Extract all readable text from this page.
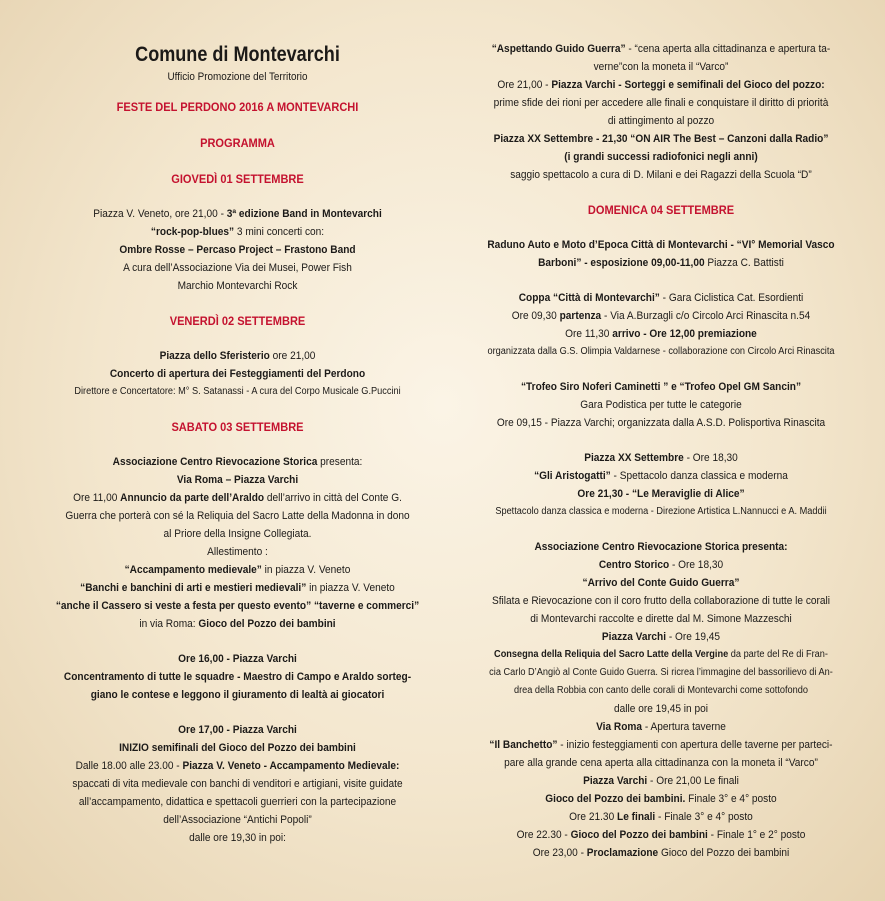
Comune di Montevarchi
Ufficio Promozione del Territorio
FESTE DEL PERDONO 2016 A MONTEVARCHI
PROGRAMMA
GIOVEDÌ 01 SETTEMBRE
Piazza V. Veneto, ore 21,00 - 3ª edizione Band in Montevarchi
“rock-pop-blues” 3 mini concerti con:
Ombre Rosse – Percaso Project – Frastono Band
A cura dell’Associazione Via dei Musei, Power Fish
Marchio Montevarchi Rock
VENERDÌ 02 SETTEMBRE
Piazza dello Sferisterio ore 21,00
Concerto di apertura dei Festeggiamenti del Perdono
Direttore e Concertatore: M° S. Satanassi - A cura del Corpo Musicale G.Puccini
SABATO 03 SETTEMBRE
Associazione Centro Rievocazione Storica presenta:
Via Roma – Piazza Varchi
Ore 11,00 Annuncio da parte dell’Araldo dell’arrivo in città del Conte G.
Guerra che porterà con sé la Reliquia del Sacro Latte della Madonna in dono
al Priore della Insigne Collegiata.
Allestimento :
“Accampamento medievale” in piazza V. Veneto
“Banchi e banchini di arti e mestieri medievali” in piazza V. Veneto
“anche il Cassero si veste a festa per questo evento” “taverne e commerci”
in via Roma: Gioco del Pozzo dei bambini
Ore 16,00 - Piazza Varchi
Concentramento di tutte le squadre - Maestro di Campo e Araldo sorteg-
giano le contese e leggono il giuramento di lealtà ai giocatori
Ore 17,00 - Piazza Varchi
INIZIO semifinali del Gioco del Pozzo dei bambini
Dalle 18.00 alle 23.00 - Piazza V. Veneto - Accampamento Medievale:
spaccati di vita medievale con banchi di venditori e artigiani, visite guidate
all’accampamento, didattica e spettacoli guerrieri con la partecipazione
dell’Associazione “Antichi Popoli”
dalle ore 19,30 in poi:
“Aspettando Guido Guerra” - “cena aperta alla cittadinanza e apertura ta-
verne”con la moneta il “Varco”
Ore 21,00 - Piazza Varchi - Sorteggi e semifinali del Gioco del pozzo:
prime sfide dei rioni per accedere alle finali e conquistare il diritto di priorità
di attingimento al pozzo
Piazza XX Settembre - 21,30 “ON AIR The Best – Canzoni dalla Radio”
(i grandi successi radiofonici negli anni)
saggio spettacolo a cura di D. Milani e dei Ragazzi della Scuola “D”
DOMENICA 04 SETTEMBRE
Raduno Auto e Moto d’Epoca Città di Montevarchi - “VI° Memorial Vasco
Barboni” - esposizione 09,00-11,00 Piazza C. Battisti
Coppa “Città di Montevarchi” - Gara Ciclistica Cat. Esordienti
Ore 09,30 partenza - Via A.Burzagli c/o Circolo Arci Rinascita n.54
Ore 11,30 arrivo - Ore 12,00 premiazione
organizzata dalla G.S. Olimpia Valdarnese - collaborazione con Circolo Arci Rinascita
“Trofeo Siro Noferi Caminetti ” e “Trofeo Opel GM Sancin”
Gara Podistica per tutte le categorie
Ore 09,15 - Piazza Varchi; organizzata dalla A.S.D. Polisportiva Rinascita
Piazza XX Settembre - Ore 18,30
“Gli Aristogatti” - Spettacolo danza classica e moderna
Ore 21,30 - “Le Meraviglie di Alice”
Spettacolo danza classica e moderna - Direzione Artistica L.Nannucci e A. Maddii
Associazione Centro Rievocazione Storica presenta:
Centro Storico - Ore 18,30
“Arrivo del Conte Guido Guerra”
Sfilata e Rievocazione con il coro frutto della collaborazione di tutte le corali
di Montevarchi raccolte e dirette dal M. Simone Mazzeschi
Piazza Varchi - Ore 19,45
Consegna della Reliquia del Sacro Latte della Vergine da parte del Re di Fran-
cia Carlo D’Angiò al Conte Guido Guerra. Si ricrea l’immagine del bassorilievo di An-
drea della Robbia con canto delle corali di Montevarchi come sottofondo
dalle ore 19,45 in poi
Via Roma - Apertura taverne
“Il Banchetto” - inizio festeggiamenti con apertura delle taverne per parteci-
pare alla grande cena aperta alla cittadinanza con la moneta il “Varco”
Piazza Varchi - Ore 21,00 Le finali
Gioco del Pozzo dei bambini. Finale 3° e 4° posto
Ore 21.30 Le finali - Finale 3° e 4° posto
Ore 22.30 - Gioco del Pozzo dei bambini - Finale 1° e 2° posto
Ore 23,00 - Proclamazione Gioco del Pozzo dei bambini
